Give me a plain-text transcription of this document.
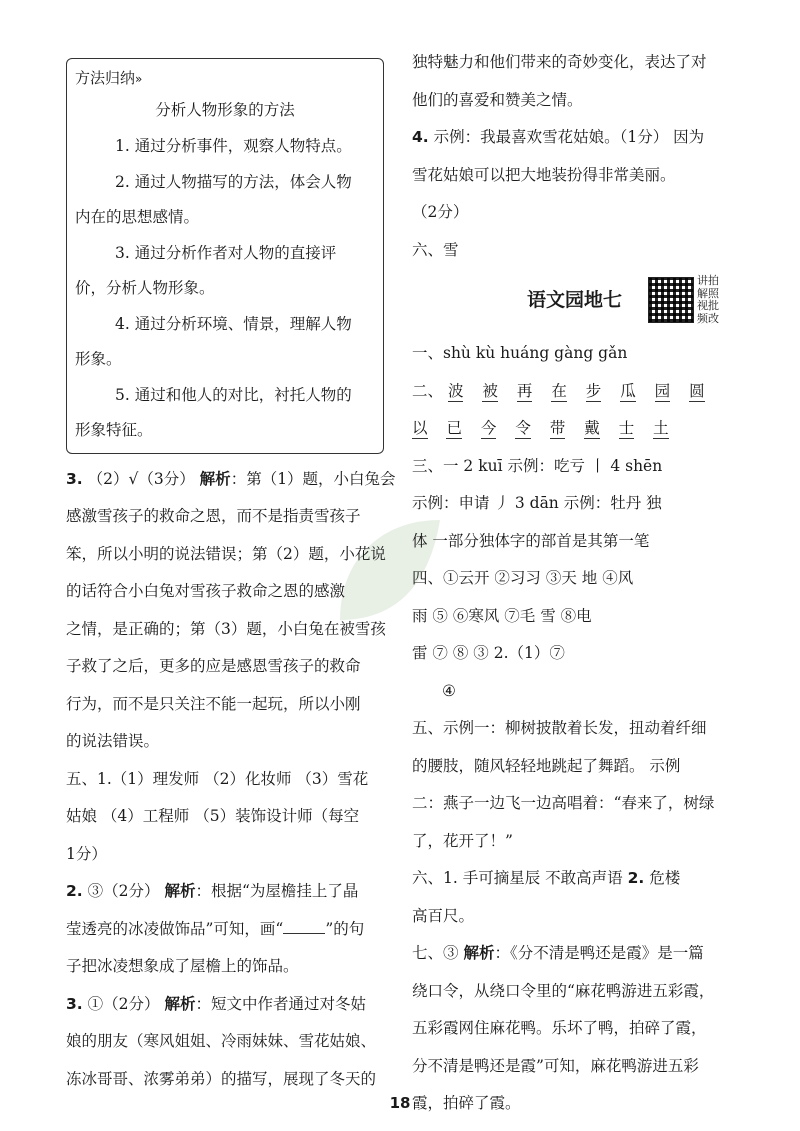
方法归纳»
分析人物形象的方法
1. 通过分析事件，观察人物特点。
2. 通过人物描写的方法，体会人物
内在的思想感情。
3. 通过分析作者对人物的直接评
价，分析人物形象。
4. 通过分析环境、情景，理解人物
形象。
5. 通过和他人的对比，衬托人物的
形象特征。
3. （2）√（3分） 解析：第（1）题，小白兔会
感激雪孩子的救命之恩，而不是指责雪孩子
笨，所以小明的说法错误；第（2）题，小花说
的话符合小白兔对雪孩子救命之恩的感激
之情，是正确的；第（3）题，小白兔在被雪孩
子救了之后，更多的应是感恩雪孩子的救命
行为，而不是只关注不能一起玩，所以小刚
的说法错误。
五、1.（1）理发师 （2）化妆师 （3）雪花
姑娘 （4）工程师 （5）装饰设计师（每空
1分）
2. ③（2分） 解析：根据“为屋檐挂上了晶
莹透亮的冰凌做饰品”可知，画“	”的句
子把冰凌想象成了屋檐上的饰品。
3. ①（2分） 解析：短文中作者通过对冬姑
娘的朋友（寒风姐姐、冷雨妹妹、雪花姑娘、
冻冰哥哥、浓雾弟弟）的描写，展现了冬天的
独特魅力和他们带来的奇妙变化，表达了对
他们的喜爱和赞美之情。
4. 示例：我最喜欢雪花姑娘。（1分） 因为
雪花姑娘可以把大地装扮得非常美丽。
（2分）
六、雪
语文园地七
讲拍
解照
视批
频改
一、shù kù huáng gàng gǎn
二、 波 被 再 在 步 瓜 园 圆
以 已 今 令 带 戴 士 土
三、一 2 kuī 示例：吃亏 丨 4 shēn
示例：申请 丿 3 dān 示例：牡丹 独
体 一部分独体字的部首是其第一笔
四、①云开 ②习习 ③天 地 ④风
雨 ⑤ ⑥寒风 ⑦毛 雪 ⑧电
雷 ⑦ ⑧ ③ 2.（1）⑦
④
五、示例一：柳树披散着长发，扭动着纤细
的腰肢，随风轻轻地跳起了舞蹈。 示例
二：燕子一边飞一边高唱着：“春来了，树绿
了，花开了！”
六、1. 手可摘星辰 不敢高声语 2. 危楼
高百尺。
七、③ 解析：《分不清是鸭还是霞》是一篇
绕口令，从绕口令里的“麻花鸭游进五彩霞，
五彩霞网住麻花鸭。乐坏了鸭，拍碎了霞，
分不清是鸭还是霞”可知，麻花鸭游进五彩
霞，拍碎了霞。
18
